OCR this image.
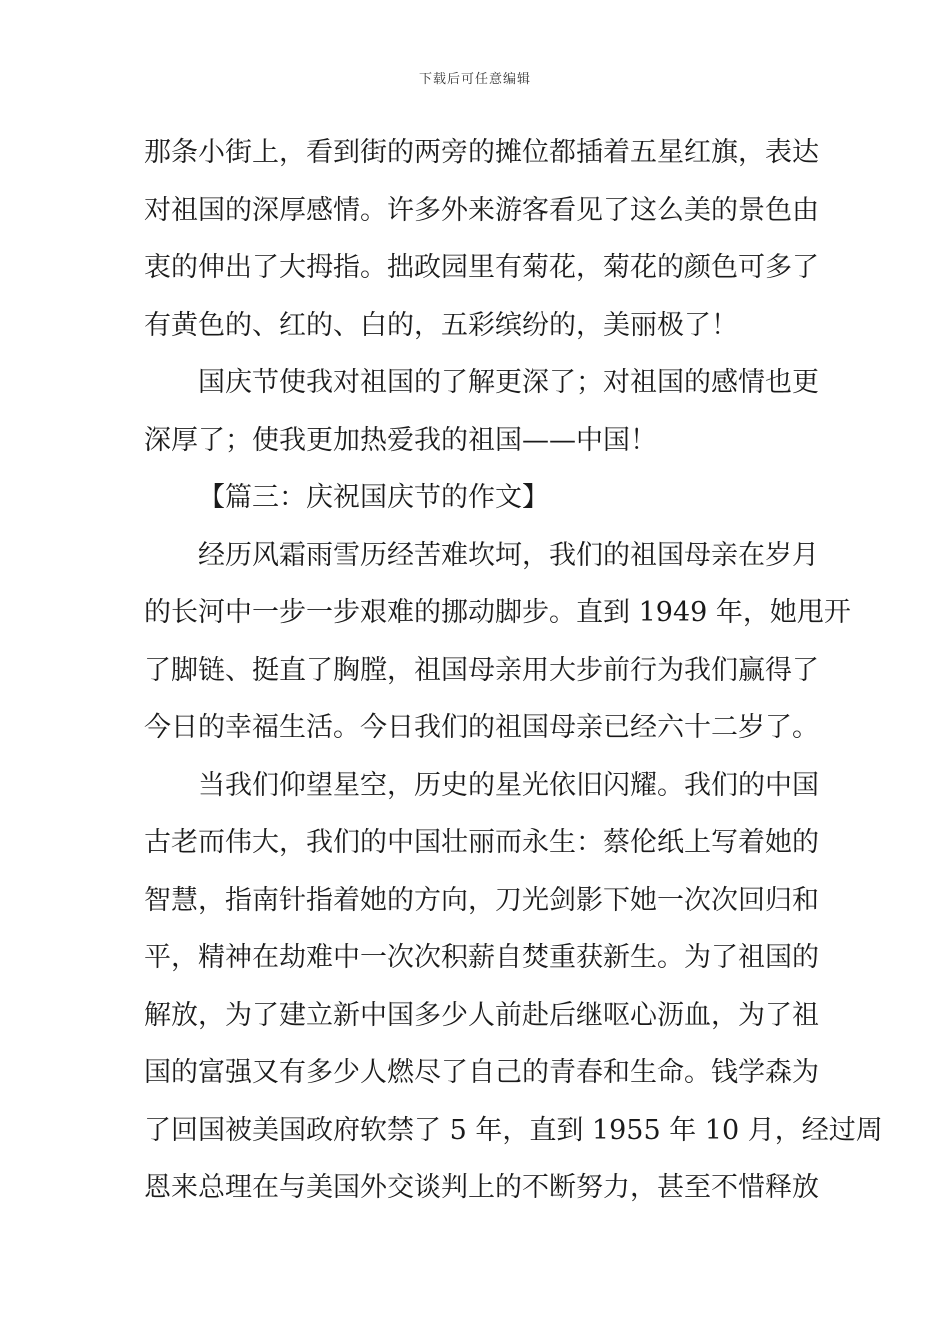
下载后可任意编辑
那条小街上，看到街的两旁的摊位都插着五星红旗，表达
对祖国的深厚感情。许多外来游客看见了这么美的景色由
衷的伸出了大拇指。拙政园里有菊花，菊花的颜色可多了
有黄色的、红的、白的，五彩缤纷的，美丽极了！
国庆节使我对祖国的了解更深了；对祖国的感情也更
深厚了；使我更加热爱我的祖国——中国！
【篇三：庆祝国庆节的作文】
经历风霜雨雪历经苦难坎坷，我们的祖国母亲在岁月
的长河中一步一步艰难的挪动脚步。直到 1949 年，她甩开
了脚链、挺直了胸膛，祖国母亲用大步前行为我们赢得了
今日的幸福生活。今日我们的祖国母亲已经六十二岁了。
当我们仰望星空，历史的星光依旧闪耀。我们的中国
古老而伟大，我们的中国壮丽而永生：蔡伦纸上写着她的
智慧，指南针指着她的方向，刀光剑影下她一次次回归和
平，精神在劫难中一次次积薪自焚重获新生。为了祖国的
解放，为了建立新中国多少人前赴后继呕心沥血，为了祖
国的富强又有多少人燃尽了自己的青春和生命。钱学森为
了回国被美国政府软禁了 5 年，直到 1955 年 10 月，经过周
恩来总理在与美国外交谈判上的不断努力，甚至不惜释放
